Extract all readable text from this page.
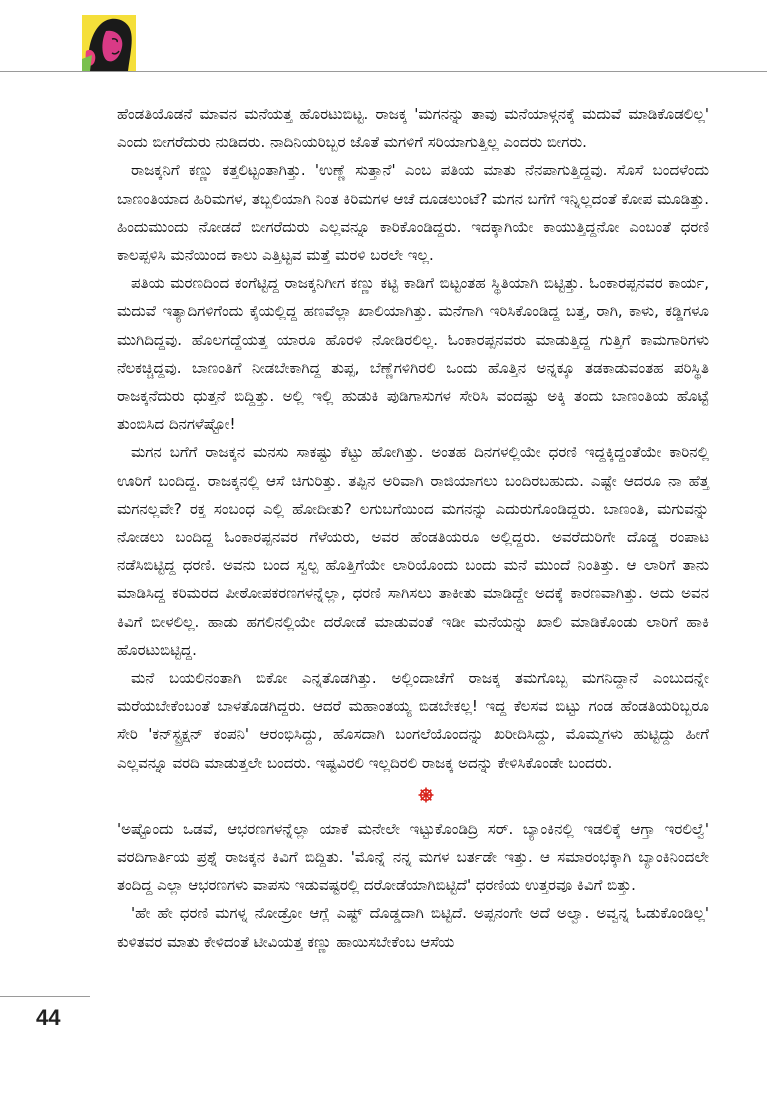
ಹೆಂಡತಿಯೊಡನೆ ಮಾವನ ಮನೆಯತ್ತ ಹೊರಟುಬಿಟ್ಟ. ರಾಜಕ್ಕ 'ಮಗನನ್ನು ತಾವು ಮನೆಯಾಳ್ಗನಕ್ಕೆ ಮದುವೆ ಮಾಡಿಕೊಡಲಿಲ್ಲ' ಎಂದು ಬೀಗರೆದುರು ನುಡಿದರು. ನಾದಿನಿಯರಿಬ್ಬರ ಜೊತೆ ಮಗಳಿಗೆ ಸರಿಯಾಗುತ್ತಿಲ್ಲ ಎಂದರು ಬೀಗರು.

ರಾಜಕ್ಕನಿಗೆ ಕಣ್ಣು ಕತ್ತಲಿಟ್ಟಂತಾಗಿತ್ತು. 'ಉಣ್ಣೆ ಸುತ್ತಾನೆ' ಎಂಬ ಪತಿಯ ಮಾತು ನೆನಪಾಗುತ್ತಿದ್ದವು. ಸೊಸೆ ಬಂದಳೆಂದು ಬಾಣಂತಿಯಾದ ಹಿರಿಮಗಳ, ತಬ್ಬಲಿಯಾಗಿ ನಿಂತ ಕಿರಿಮಗಳ ಆಚೆ ದೂಡಲುಂಟೆ? ಮಗನ ಬಗೆಗೆ ಇನ್ನಿಲ್ಲದಂತೆ ಕೋಪ ಮೂಡಿತ್ತು. ಹಿಂದುಮುಂದು ನೋಡದೆ ಬೀಗರೆದುರು ಎಲ್ಲವನ್ನೂ ಕಾರಿಕೊಂಡಿದ್ದರು. ಇದಕ್ಕಾಗಿಯೇ ಕಾಯುತ್ತಿದ್ದನೋ ಎಂಬಂತೆ ಧರಣಿ ಕಾಲಪ್ಪಳಿಸಿ ಮನೆಯಿಂದ ಕಾಲು ಎತ್ತಿಟ್ಟವ ಮತ್ತೆ ಮರಳಿ ಬರಲೇ ಇಲ್ಲ.

ಪತಿಯ ಮರಣದಿಂದ ಕಂಗೆಟ್ಟಿದ್ದ ರಾಜಕ್ಕನಿಗೀಗ ಕಣ್ಣು ಕಟ್ಟಿ ಕಾಡಿಗೆ ಬಿಟ್ಟಂತಹ ಸ್ಥಿತಿಯಾಗಿ ಬಿಟ್ಟಿತ್ತು. ಓಂಕಾರಪ್ಪನವರ ಕಾರ್ಯ, ಮದುವೆ ಇತ್ಯಾದಿಗಳಿಗೆಂದು ಕೈಯಲ್ಲಿದ್ದ ಹಣವೆಲ್ಲಾ ಖಾಲಿಯಾಗಿತ್ತು. ಮನೆಗಾಗಿ ಇರಿಸಿಕೊಂಡಿದ್ದ ಬತ್ತ, ರಾಗಿ, ಕಾಳು, ಕಡ್ಡಿಗಳೂ ಮುಗಿದಿದ್ದವು. ಹೊಲಗದ್ದೆಯತ್ತ ಯಾರೂ ಹೊರಳಿ ನೋಡಿರಲಿಲ್ಲ. ಓಂಕಾರಪ್ಪನವರು ಮಾಡುತ್ತಿದ್ದ ಗುತ್ತಿಗೆ ಕಾಮಗಾರಿಗಳು ನೆಲಕಚ್ಚಿದ್ದವು. ಬಾಣಂತಿಗೆ ನೀಡಬೇಕಾಗಿದ್ದ ತುಪ್ಪ, ಬೆಣ್ಣೆಗಳಿಗಿರಲಿ ಒಂದು ಹೊತ್ತಿನ ಅನ್ನಕ್ಕೂ ತಡಕಾಡುವಂತಹ ಪರಿಸ್ಥಿತಿ ರಾಜಕ್ಕನೆದುರು ಧುತ್ತನೆ ಬಿದ್ದಿತ್ತು. ಅಲ್ಲಿ ಇಲ್ಲಿ ಹುಡುಕಿ ಪುಡಿಗಾಸುಗಳ ಸೇರಿಸಿ ವಂದಷ್ಟು ಅಕ್ಕಿ ತಂದು ಬಾಣಂತಿಯ ಹೊಟ್ಟೆ ತುಂಬಿಸಿದ ದಿನಗಳೆಷ್ಟೋ!

ಮಗನ ಬಗೆಗೆ ರಾಜಕ್ಕನ ಮನಸು ಸಾಕಷ್ಟು ಕೆಟ್ಟು ಹೋಗಿತ್ತು. ಅಂತಹ ದಿನಗಳಲ್ಲಿಯೇ ಧರಣಿ ಇದ್ದಕ್ಕಿದ್ದಂತೆಯೇ ಕಾರಿನಲ್ಲಿ ಊರಿಗೆ ಬಂದಿದ್ದ. ರಾಜಕ್ಕನಲ್ಲಿ ಆಸೆ ಚಿಗುರಿತ್ತು. ತಪ್ಪಿನ ಅರಿವಾಗಿ ರಾಜಿಯಾಗಲು ಬಂದಿರಬಹುದು. ಎಷ್ಟೇ ಆದರೂ ನಾ ಹೆತ್ತ ಮಗನಲ್ಲವೇ? ರಕ್ತ ಸಂಬಂಧ ಎಲ್ಲಿ ಹೋದೀತು? ಲಗುಬಗೆಯಿಂದ ಮಗನನ್ನು ಎದುರುಗೊಂಡಿದ್ದರು. ಬಾಣಂತಿ, ಮಗುವನ್ನು ನೋಡಲು ಬಂದಿದ್ದ ಓಂಕಾರಪ್ಪನವರ ಗೆಳೆಯರು, ಅವರ ಹೆಂಡತಿಯರೂ ಅಲ್ಲಿದ್ದರು. ಅವರೆದುರಿಗೇ ದೊಡ್ಡ ರಂಪಾಟ ನಡೆಸಿಬಿಟ್ಟಿದ್ದ ಧರಣಿ. ಅವನು ಬಂದ ಸ್ವಲ್ಪ ಹೊತ್ತಿಗೆಯೇ ಲಾರಿಯೊಂದು ಬಂದು ಮನೆ ಮುಂದೆ ನಿಂತಿತ್ತು. ಆ ಲಾರಿಗೆ ತಾನು ಮಾಡಿಸಿದ್ದ ಕರಿಮರದ ಪೀಠೋಪಕರಣಗಳನ್ನೆಲ್ಲಾ, ಧರಣಿ ಸಾಗಿಸಲು ತಾಕೀತು ಮಾಡಿದ್ದೇ ಅದಕ್ಕೆ ಕಾರಣವಾಗಿತ್ತು. ಅದು ಅವನ ಕಿವಿಗೆ ಬೀಳಲಿಲ್ಲ. ಹಾಡು ಹಗಲಿನಲ್ಲಿಯೇ ದರೋಡೆ ಮಾಡುವಂತೆ ಇಡೀ ಮನೆಯನ್ನು ಖಾಲಿ ಮಾಡಿಕೊಂಡು ಲಾರಿಗೆ ಹಾಕಿ ಹೊರಟುಬಿಟ್ಟಿದ್ದ.

ಮನೆ ಬಯಲಿನಂತಾಗಿ ಬಿಕೋ ಎನ್ನತೊಡಗಿತ್ತು. ಅಲ್ಲಿಂದಾಚೆಗೆ ರಾಜಕ್ಕ ತಮಗೊಬ್ಬ ಮಗನಿದ್ದಾನೆ ಎಂಬುದನ್ನೇ ಮರೆಯಬೇಕೆಂಬಂತೆ ಬಾಳತೊಡಗಿದ್ದರು. ಆದರೆ ಮಹಾಂತಯ್ಯ ಬಿಡಬೇಕಲ್ಲ! ಇದ್ದ ಕೆಲಸವ ಬಿಟ್ಟು ಗಂಡ ಹೆಂಡತಿಯರಿಬ್ಬರೂ ಸೇರಿ 'ಕನ್‌ಸ್ಟ್ರಕ್ಷನ್ ಕಂಪನಿ' ಆರಂಭಿಸಿದ್ದು, ಹೊಸದಾಗಿ ಬಂಗಲೆಯೊಂದನ್ನು ಖರೀದಿಸಿದ್ದು, ಮೊಮ್ಮಗಳು ಹುಟ್ಟಿದ್ದು ಹೀಗೆ ಎಲ್ಲವನ್ನೂ ವರದಿ ಮಾಡುತ್ತಲೇ ಬಂದರು. ಇಷ್ಟವಿರಲಿ ಇಲ್ಲದಿರಲಿ ರಾಜಕ್ಕ ಅದನ್ನು ಕೇಳಿಸಿಕೊಂಡೇ ಬಂದರು.

'ಅಷ್ಟೊಂದು ಒಡವೆ, ಆಭರಣಗಳನ್ನೆಲ್ಲಾ ಯಾಕೆ ಮನೇಲೇ ಇಟ್ಟುಕೊಂಡಿದ್ರಿ ಸರ್. ಬ್ಯಾಂಕಿನಲ್ಲಿ ಇಡಲಿಕ್ಕೆ ಆಗ್ತಾ ಇರಲಿಲ್ವೆ' ವರದಿಗಾರ್ತಿಯ ಪ್ರಶ್ನೆ ರಾಜಕ್ಕನ ಕಿವಿಗೆ ಬಿದ್ದಿತು. 'ಮೊನ್ನೆ ನನ್ನ ಮಗಳ ಬರ್ತಡೇ ಇತ್ತು. ಆ ಸಮಾರಂಭಕ್ಕಾಗಿ ಬ್ಯಾಂಕಿನಿಂದಲೇ ತಂದಿದ್ದ ಎಲ್ಲಾ ಆಭರಣಗಳು ವಾಪಸು ಇಡುವಷ್ಟರಲ್ಲಿ ದರೋಡೆಯಾಗಿಬಿಟ್ಟಿದೆ' ಧರಣಿಯ ಉತ್ತರವೂ ಕಿವಿಗೆ ಬಿತ್ತು.

'ಹೇ ಹೇ ಧರಣಿ ಮಗಳ್ನ ನೋಡ್ರೋ ಆಗ್ಲೆ ಎಷ್ಟ್ ದೊಡ್ಡದಾಗಿ ಬಿಟ್ಟಿದೆ. ಅಪ್ಪನಂಗೇ ಅದೆ ಅಲ್ವಾ. ಅವ್ವನ್ನ ಓಡುಕೊಂಡಿಲ್ಲ' ಕುಳಿತವರ ಮಾತು ಕೇಳಿದಂತೆ ಟೀವಿಯತ್ತ ಕಣ್ಣು ಹಾಯಿಸಬೇಕೆಂಬ ಆಸೆಯ

44
